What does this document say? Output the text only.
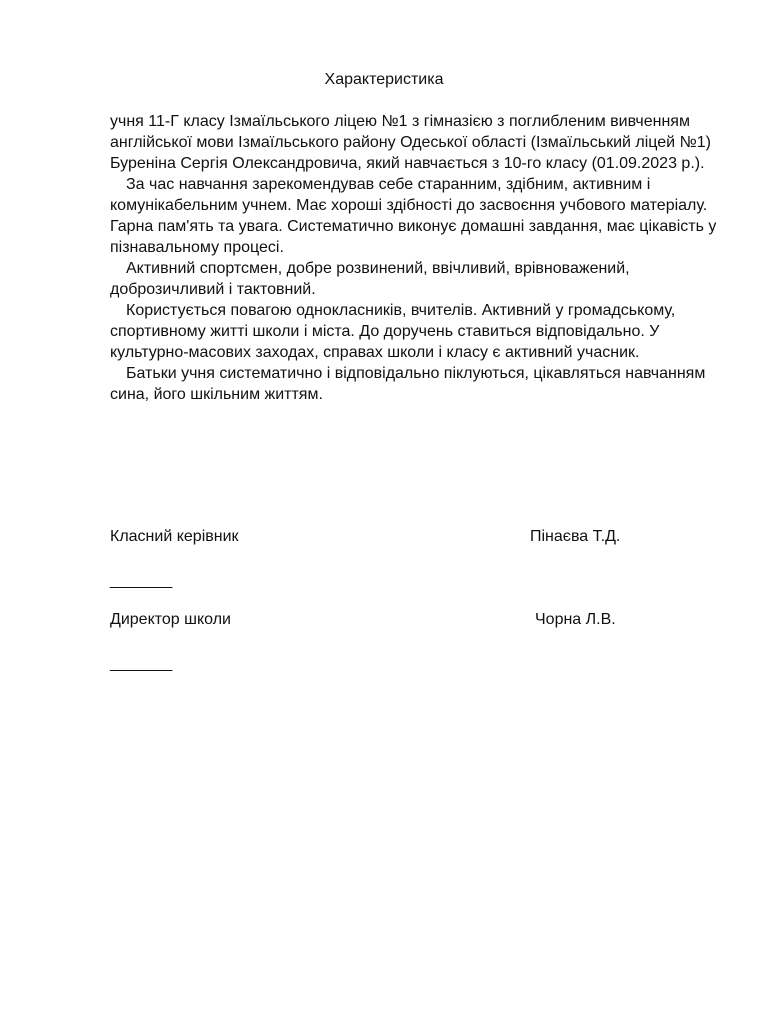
Характеристика

учня 11-Г класу Ізмаїльського ліцею №1 з гімназією з поглибленим вивченням англійської мови Ізмаїльського району Одеської області (Ізмаїльський ліцей №1)

Буреніна Сергія Олександровича, який навчається з 10-го класу (01.09.2023 р.).

За час навчання зарекомендував себе старанним, здібним, активним і комунікабельним учнем. Має хороші здібності до засвоєння учбового матеріалу. Гарна пам'ять та увага. Систематично виконує домашні завдання, має цікавість у пізнавальному процесі.

Активний спортсмен, добре розвинений, ввічливий, врівноважений, доброзичливий і тактовний.

Користується повагою однокласників, вчителів. Активний у громадському, спортивному житті школи і міста. До доручень ставиться відповідально. У культурно-масових заходах, справах школи і класу є активний учасник.

Батьки учня систематично і відповідально піклуються, цікавляться навчанням сина, його шкільним життям.

Класний керівник	Пінаєва Т.Д.
_______
Директор школи	Чорна Л.В.
_______
